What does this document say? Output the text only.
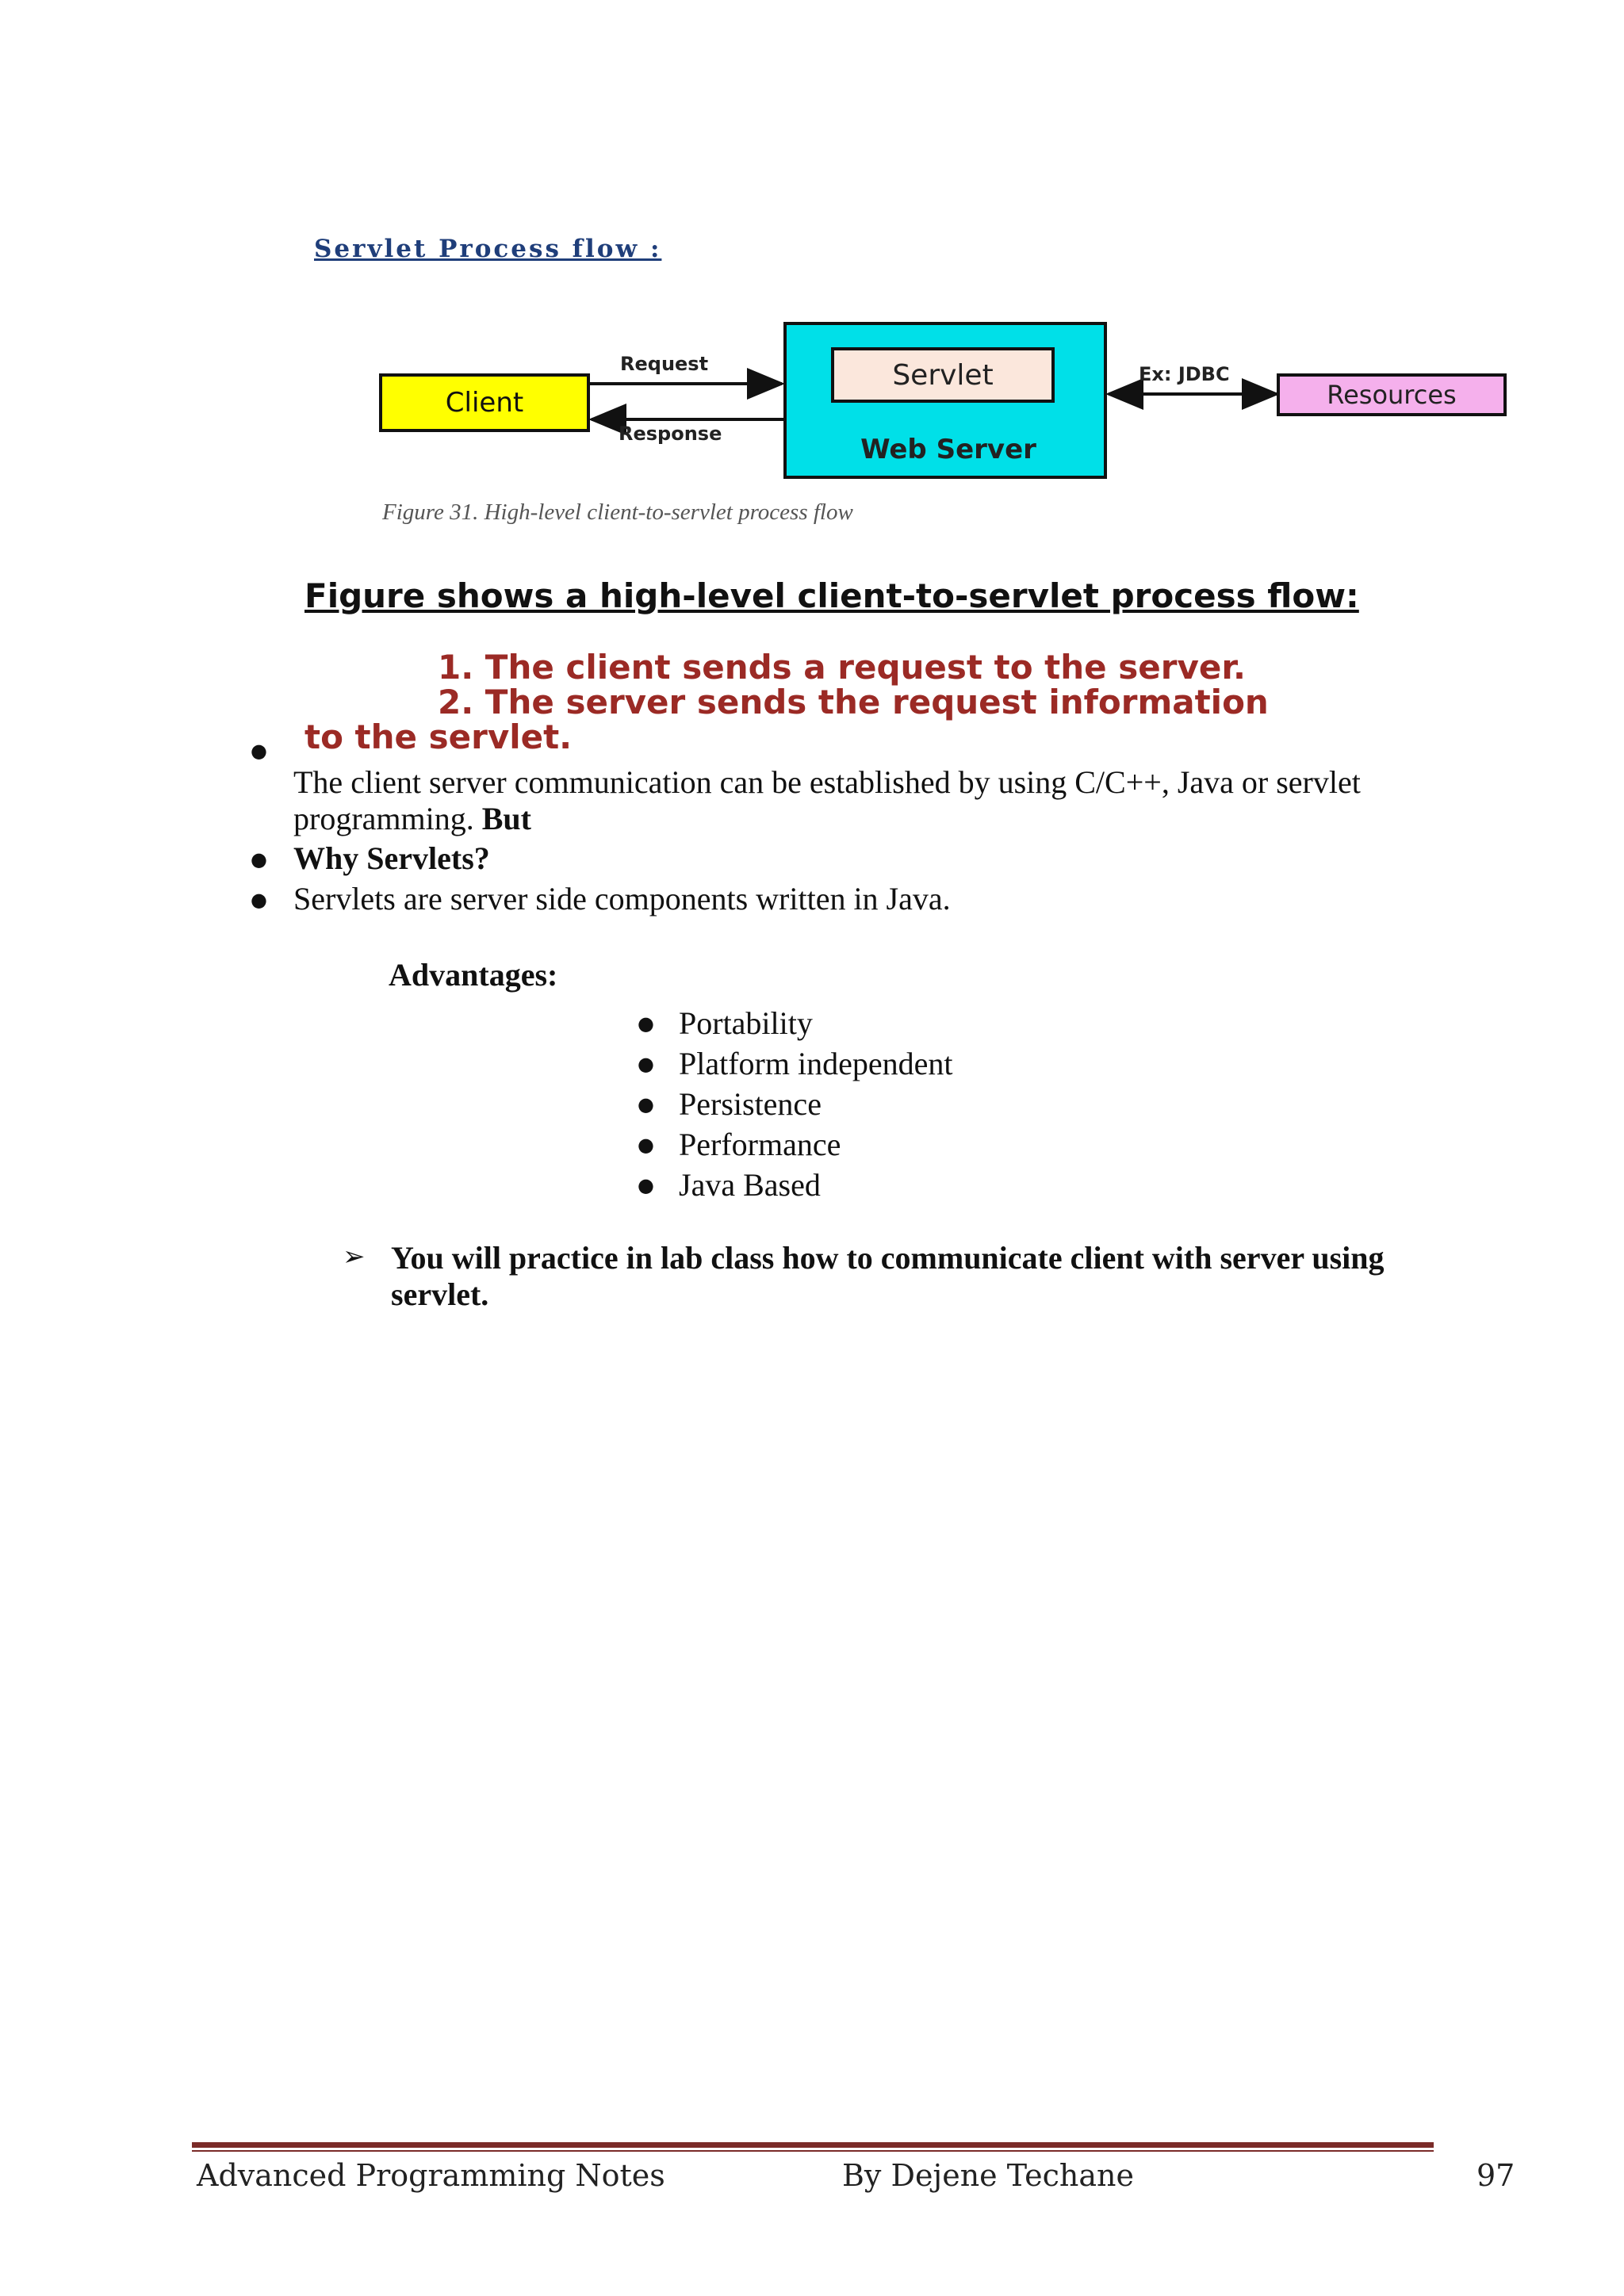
Servlet Process flow :
Client
Request
Response
Servlet
Web Server
Ex: JDBC
Resources
Figure 31. High-level client-to-servlet process flow
Figure shows a high-level client-to-servlet process flow:
1. The client sends a request to the server.
2. The server sends the request information
to the servlet.
●
The client server communication can be established by using C/C++, Java or servlet programming. But
● Why Servlets?
● Servlets are server side components written in Java.
Advantages:
● Portability
● Platform independent
● Persistence
● Performance
● Java Based
➢ You will practice in lab class how to communicate client with server using servlet.
Advanced Programming Notes	By Dejene Techane	97
